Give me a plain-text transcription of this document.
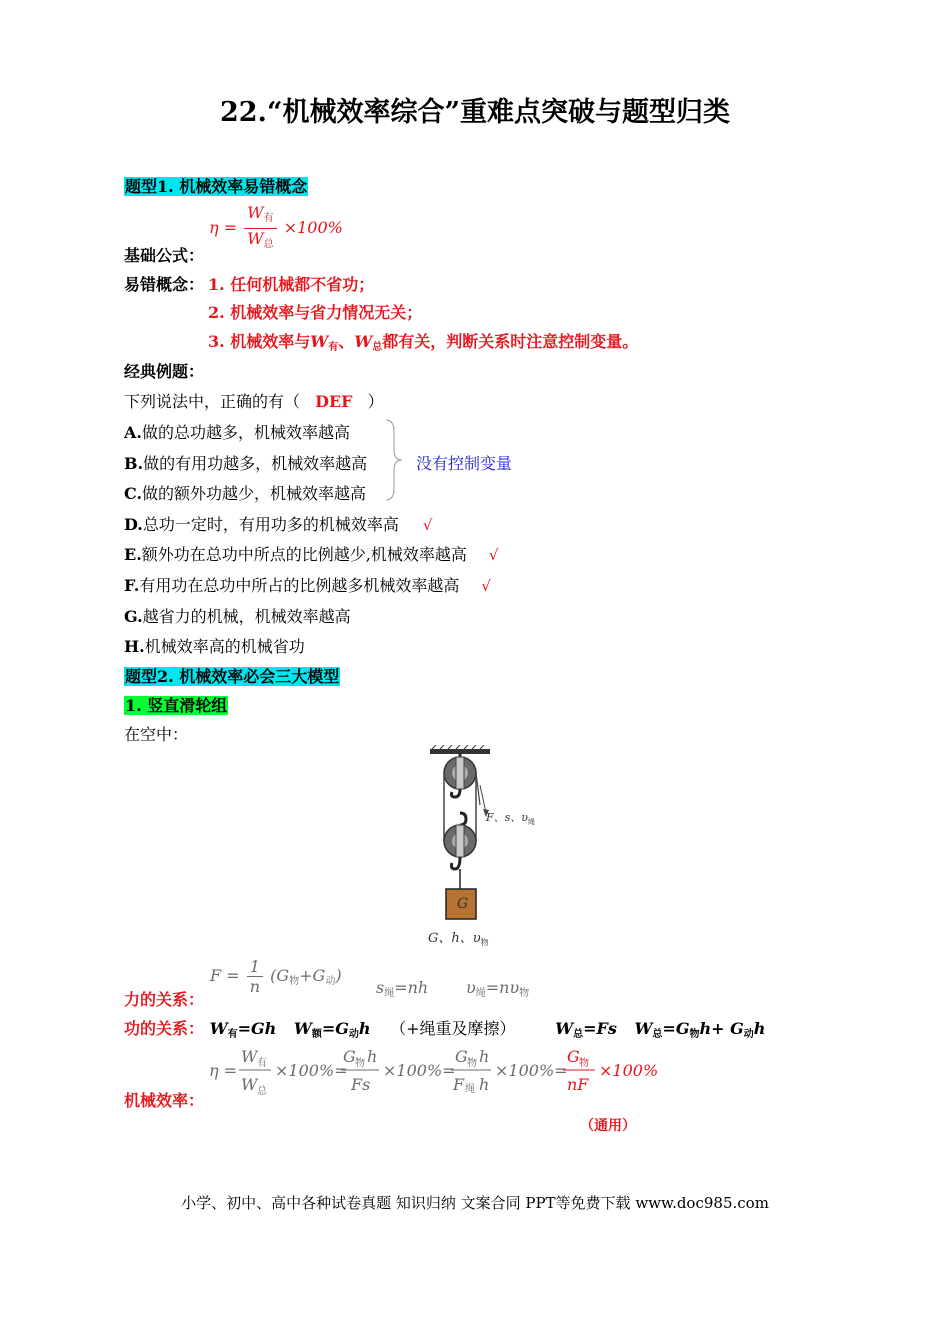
22.“机械效率综合”重难点突破与题型归类
题型1. 机械效率易错概念
$\eta = \frac{W_有}{W_总} \times 100\%$
基础公式：
易错概念： 1. 任何机械都不省功；
2. 机械效率与省力情况无关；
3. 机械效率与$W_有$、$W_总$都有关，判断关系时注意控制变量。
经典例题：
下列说法中，正确的有（ DEF ）
A.做的总功越多，机械效率越高
B.做的有用功越多，机械效率越高
C.做的额外功越少，机械效率越高
没有控制变量
D.总功一定时，有用功多的机械效率高 √
E.额外功在总功中所点的比例越少,机械效率越高 √
F.有用功在总功中所占的比例越多机械效率越高 √
G.越省力的机械，机械效率越高
H.机械效率高的机械省功
题型2. 机械效率必会三大模型
1. 竖直滑轮组
在空中：
G
F、s、$\upsilon_绳$
G、h、$\upsilon_物$
$F = \frac{1}{n} (G_物+G_动)$
$s_绳=nh$ $\upsilon_绳=n\upsilon_物$
力的关系：
功的关系： $W_有=Gh$ $W_额=G_动h$ （+绳重及摩擦） $W_总=Fs$ $W_总=G_物h+ G_动h$
η =
W 有
W 总
×100%=
G 物 h
Fs
×100%=
G 物 h
F 绳 h
×100%=
G 物
nF
×100%
机械效率：
（通用）
小学、初中、高中各种试卷真题 知识归纳 文案合同 PPT等免费下载 www.doc985.com
